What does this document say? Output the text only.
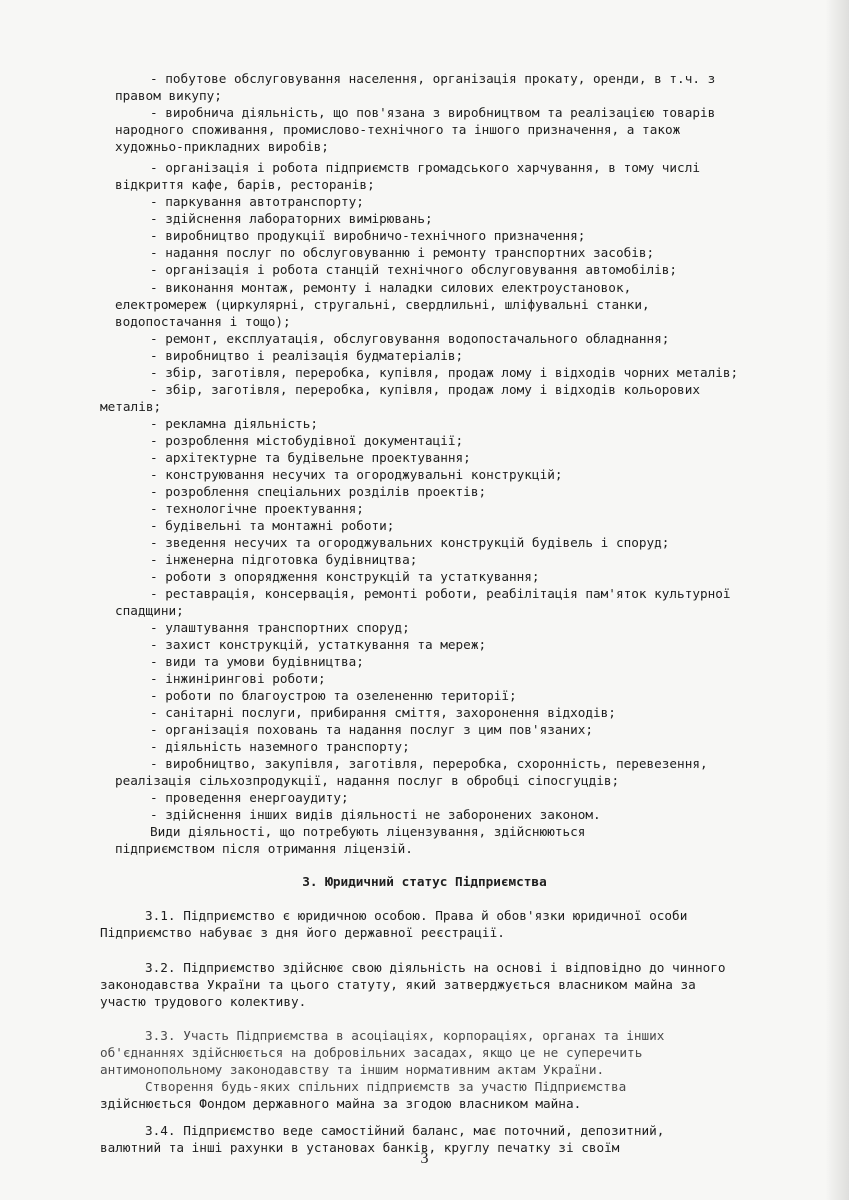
- побутове обслуговування населення, організація прокату, оренди, в т.ч. з
правом викупу;
- виробнича діяльність, що пов'язана з виробництвом та реалізацією товарів
народного споживання, промислово-технічного та іншого призначення, а також
художньо-прикладних виробів;
- організація і робота підприємств громадського харчування, в тому числі
відкриття кафе, барів, ресторанів;
- паркування автотранспорту;
- здійснення лабораторних вимірювань;
- виробництво продукції виробничо-технічного призначення;
- надання послуг по обслуговуванню і ремонту транспортних засобів;
- організація і робота станцій технічного обслуговування автомобілів;
- виконання монтаж, ремонту і наладки силових електроустановок,
електромереж (циркулярні, стругальні, свердлильні, шліфувальні станки,
водопостачання і тощо);
- ремонт, експлуатація, обслуговування водопостачального обладнання;
- виробництво і реалізація будматеріалів;
- збір, заготівля, переробка, купівля, продаж лому і відходів чорних металів;
- збір, заготівля, переробка, купівля, продаж лому і відходів кольорових
металів;
- рекламна діяльність;
- розроблення містобудівної документації;
- архітектурне та будівельне проектування;
- конструювання несучих та огороджувальні конструкцій;
- розроблення спеціальних розділів проектів;
- технологічне проектування;
- будівельні та монтажні роботи;
- зведення несучих та огороджувальних конструкцій будівель і споруд;
- інженерна підготовка будівництва;
- роботи з опорядження конструкцій та устаткування;
- реставрація, консервація, ремонті роботи, реабілітація пам'яток культурної
спадщини;
- улаштування транспортних споруд;
- захист конструкцій, устаткування та мереж;
- види та умови будівництва;
- інжинірингові роботи;
- роботи по благоустрою та озелененню території;
- санітарні послуги, прибирання сміття, захоронення відходів;
- організація поховань та надання послуг з цим пов'язаних;
- діяльність наземного транспорту;
- виробництво, закупівля, заготівля, переробка, схоронність, перевезення,
реалізація сільхозпродукції, надання послуг в обробці сіпосгуцдів;
- проведення енергоаудиту;
- здійснення інших видів діяльності не заборонених законом.
Види діяльності, що потребують ліцензування, здійснюються
підприємством після отримання ліцензій.
3. Юридичний статус Підприємства
3.1. Підприємство є юридичною особою. Права й обов'язки юридичної особи
Підприємство набуває з дня його державної реєстрації.
3.2. Підприємство здійснює свою діяльність на основі і відповідно до чинного
законодавства України та цього статуту, який затверджується власником майна за
участю трудового колективу.
3.3. Участь Підприємства в асоціаціях, корпораціях, органах та інших
об'єднаннях здійснюється на добровільних засадах, якщо це не суперечить
антимонопольному законодавству та іншим нормативним актам України.
Створення будь-яких спільних підприємств за участю Підприємства
здійснюється Фондом державного майна за згодою власником майна.
3.4. Підприємство веде самостійний баланс, має поточний, депозитний,
валютний та інші рахунки в установах банків, круглу печатку зі своїм
3
